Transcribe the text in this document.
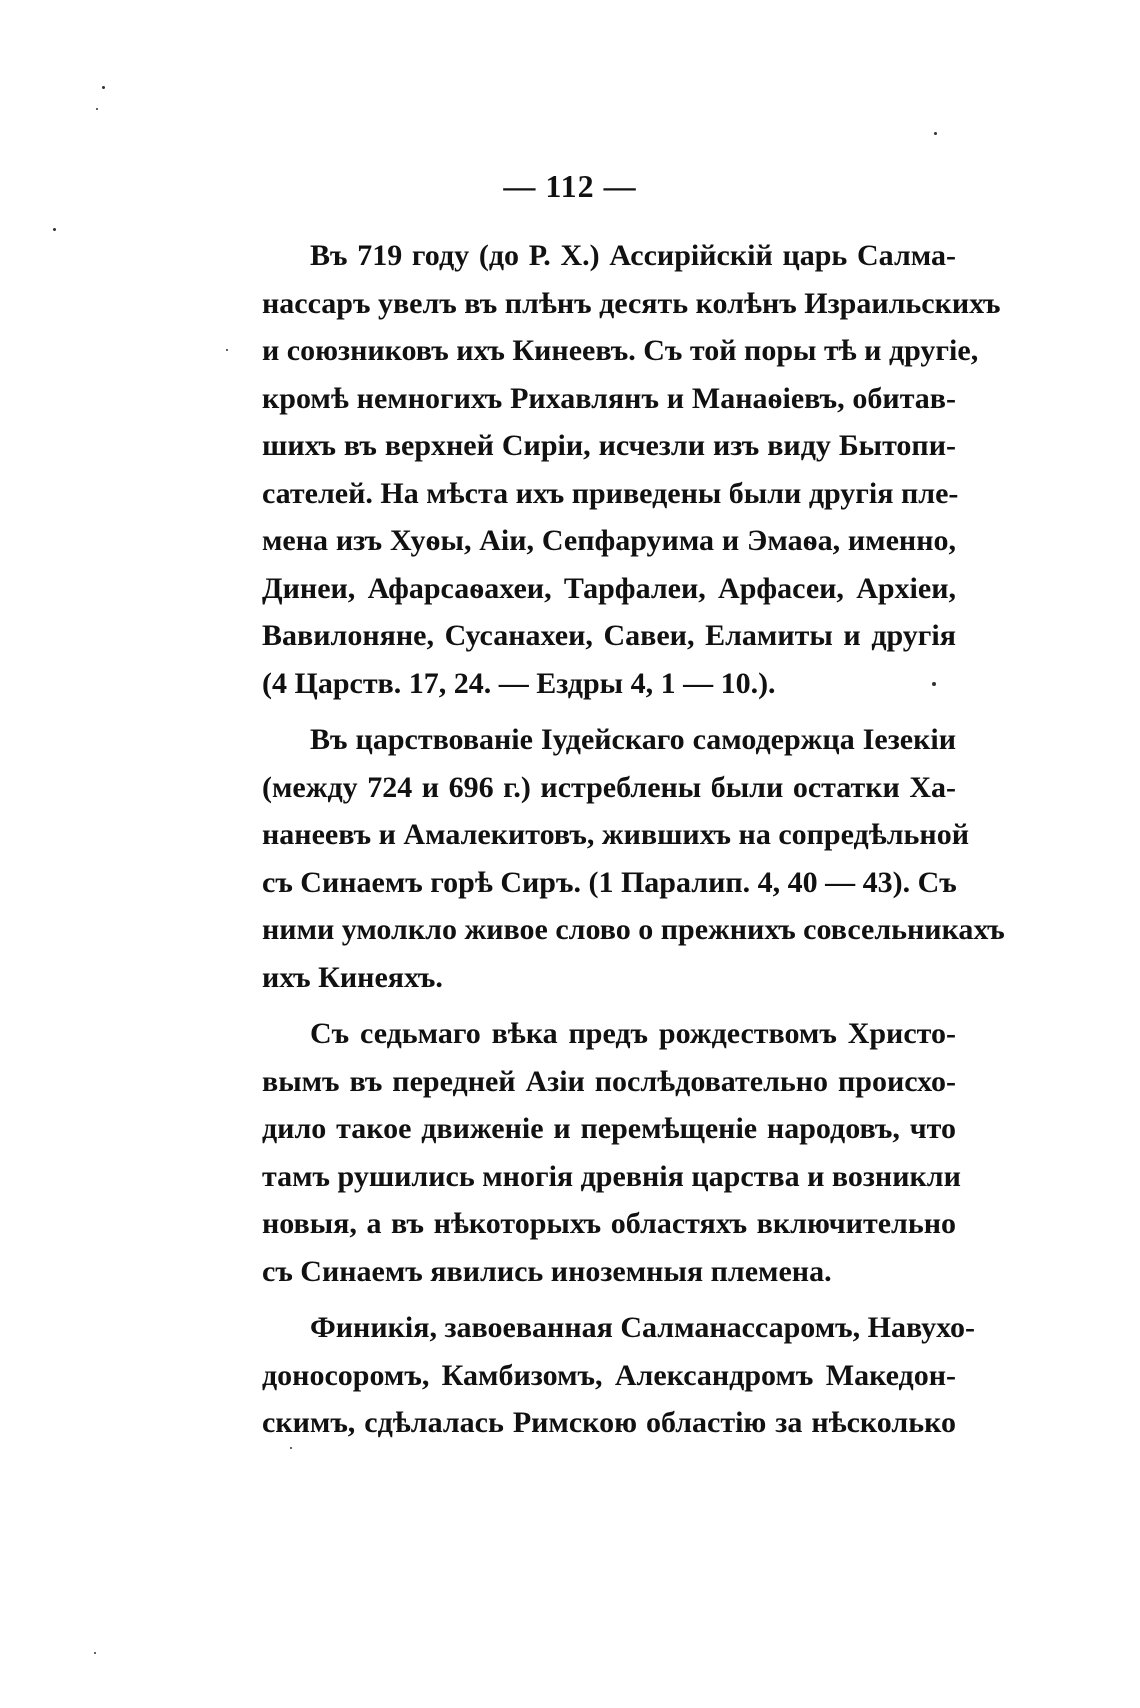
— 112 —
Въ 719 году (до Р. Х.) Ассирійскій царь Салма-
нассаръ увелъ въ плѣнъ десять колѣнъ Израильскихъ
и союзниковъ ихъ Кинеевъ. Съ той поры тѣ и другіе,
кромѣ немногихъ Рихавлянъ и Манаѳіевъ, обитав-
шихъ въ верхней Сиріи, исчезли изъ виду Бытопи-
сателей. На мѣста ихъ приведены были другія пле-
мена изъ Хуѳы, Аіи, Сепфаруима и Эмаѳа, именно,
Динеи, Афарсаѳахеи, Тарфалеи, Арфасеи, Архіеи,
Вавилоняне, Сусанахеи, Савеи, Еламиты и другія
(4 Царств. 17, 24. — Ездры 4, 1 — 10.).
Въ царствованіе Іудейскаго самодержца Іезекіи
(между 724 и 696 г.) истреблены были остатки Ха-
нанеевъ и Амалекитовъ, жившихъ на сопредѣльной
съ Синаемъ горѣ Сиръ. (1 Паралип. 4, 40 — 43). Съ
ними умолкло живое слово о прежнихъ совсельникахъ
ихъ Кинеяхъ.
Съ седьмаго вѣка предъ рождествомъ Христо-
вымъ въ передней Азіи послѣдовательно происхо-
дило такое движеніе и перемѣщеніе народовъ, что
тамъ рушились многія древнія царства и возникли
новыя, а въ нѣкоторыхъ областяхъ включительно
съ Синаемъ явились иноземныя племена.
Финикія, завоеванная Салманассаромъ, Навухо-
доносоромъ, Камбизомъ, Александромъ Македон-
скимъ, сдѣлалась Римскою областію за нѣсколько
